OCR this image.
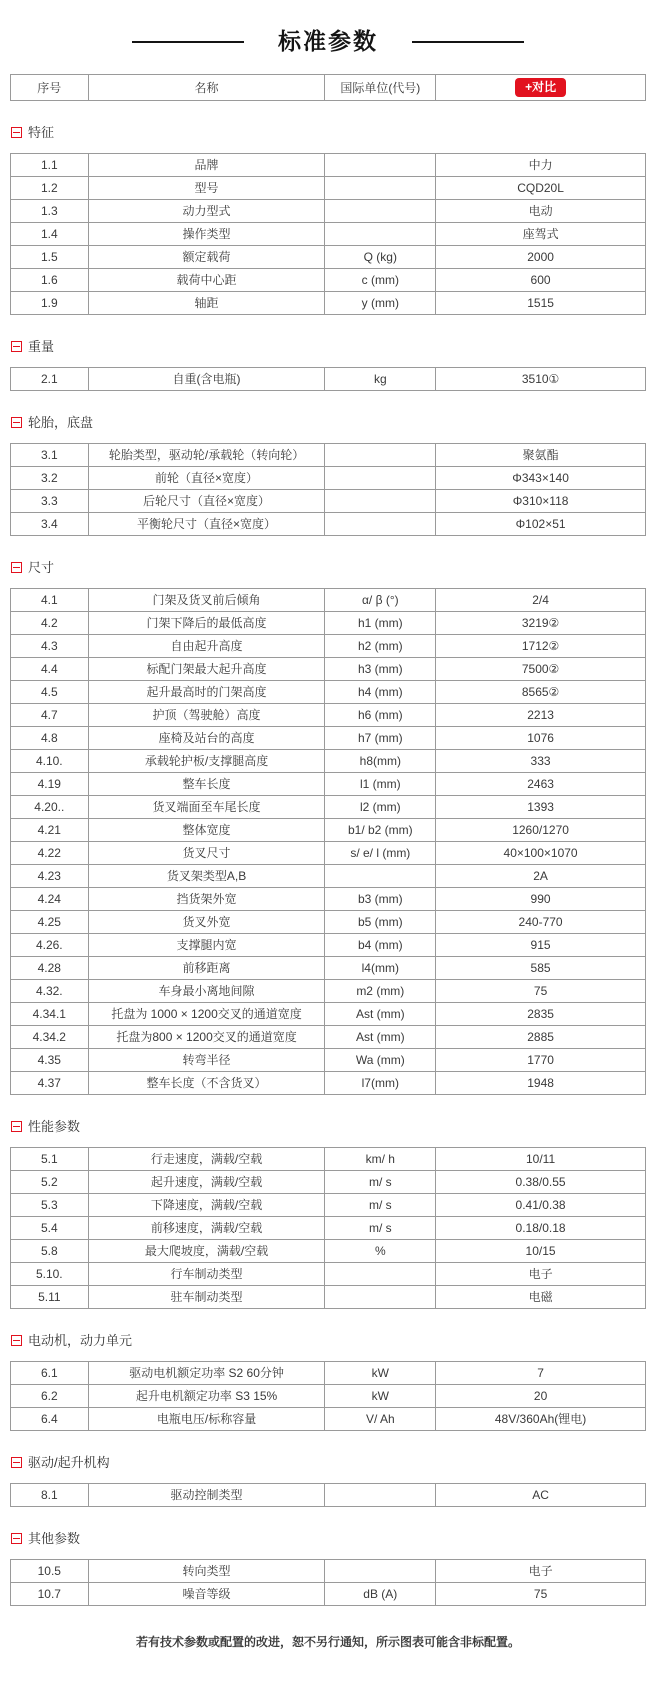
标准参数
序号	名称	国际单位(代号)	+对比
特征
1.1	品牌		中力
1.2	型号		CQD20L
1.3	动力型式		电动
1.4	操作类型		座驾式
1.5	额定载荷	Q (kg)	2000
1.6	载荷中心距	c (mm)	600
1.9	轴距	y (mm)	1515
重量
2.1	自重(含电瓶)	kg	3510①
轮胎，底盘
3.1	轮胎类型，驱动轮/承载轮（转向轮）		聚氨酯
3.2	前轮（直径×宽度）		Φ343×140
3.3	后轮尺寸（直径×宽度）		Φ310×118
3.4	平衡轮尺寸（直径×宽度）		Φ102×51
尺寸
4.1	门架及货叉前后倾角	α/ β (°)	2/4
4.2	门架下降后的最低高度	h1 (mm)	3219②
4.3	自由起升高度	h2 (mm)	1712②
4.4	标配门架最大起升高度	h3 (mm)	7500②
4.5	起升最高时的门架高度	h4 (mm)	8565②
4.7	护顶（驾驶舱）高度	h6 (mm)	2213
4.8	座椅及站台的高度	h7 (mm)	1076
4.10.	承载轮护板/支撑腿高度	h8(mm)	333
4.19	整车长度	l1 (mm)	2463
4.20..	货叉端面至车尾长度	l2 (mm)	1393
4.21	整体宽度	b1/ b2 (mm)	1260/1270
4.22	货叉尺寸	s/ e/ l (mm)	40×100×1070
4.23	货叉架类型A,B		2A
4.24	挡货架外宽	b3 (mm)	990
4.25	货叉外宽	b5 (mm)	240-770
4.26.	支撑腿内宽	b4 (mm)	915
4.28	前移距离	l4(mm)	585
4.32.	车身最小离地间隙	m2 (mm)	75
4.34.1	托盘为 1000 × 1200交叉的通道宽度	Ast (mm)	2835
4.34.2	托盘为800 × 1200交叉的通道宽度	Ast (mm)	2885
4.35	转弯半径	Wa (mm)	1770
4.37	整车长度（不含货叉）	l7(mm)	1948
性能参数
5.1	行走速度，满载/空载	km/ h	10/11
5.2	起升速度，满载/空载	m/ s	0.38/0.55
5.3	下降速度，满载/空载	m/ s	0.41/0.38
5.4	前移速度，满载/空载	m/ s	0.18/0.18
5.8	最大爬坡度，满载/空载	%	10/15
5.10.	行车制动类型		电子
5.11	驻车制动类型		电磁
电动机，动力单元
6.1	驱动电机额定功率 S2 60分钟	kW	7
6.2	起升电机额定功率 S3 15%	kW	20
6.4	电瓶电压/标称容量	V/ Ah	48V/360Ah(锂电)
驱动/起升机构
8.1	驱动控制类型		AC
其他参数
10.5	转向类型		电子
10.7	噪音等级	dB (A)	75
若有技术参数或配置的改进，恕不另行通知，所示图表可能含非标配置。
